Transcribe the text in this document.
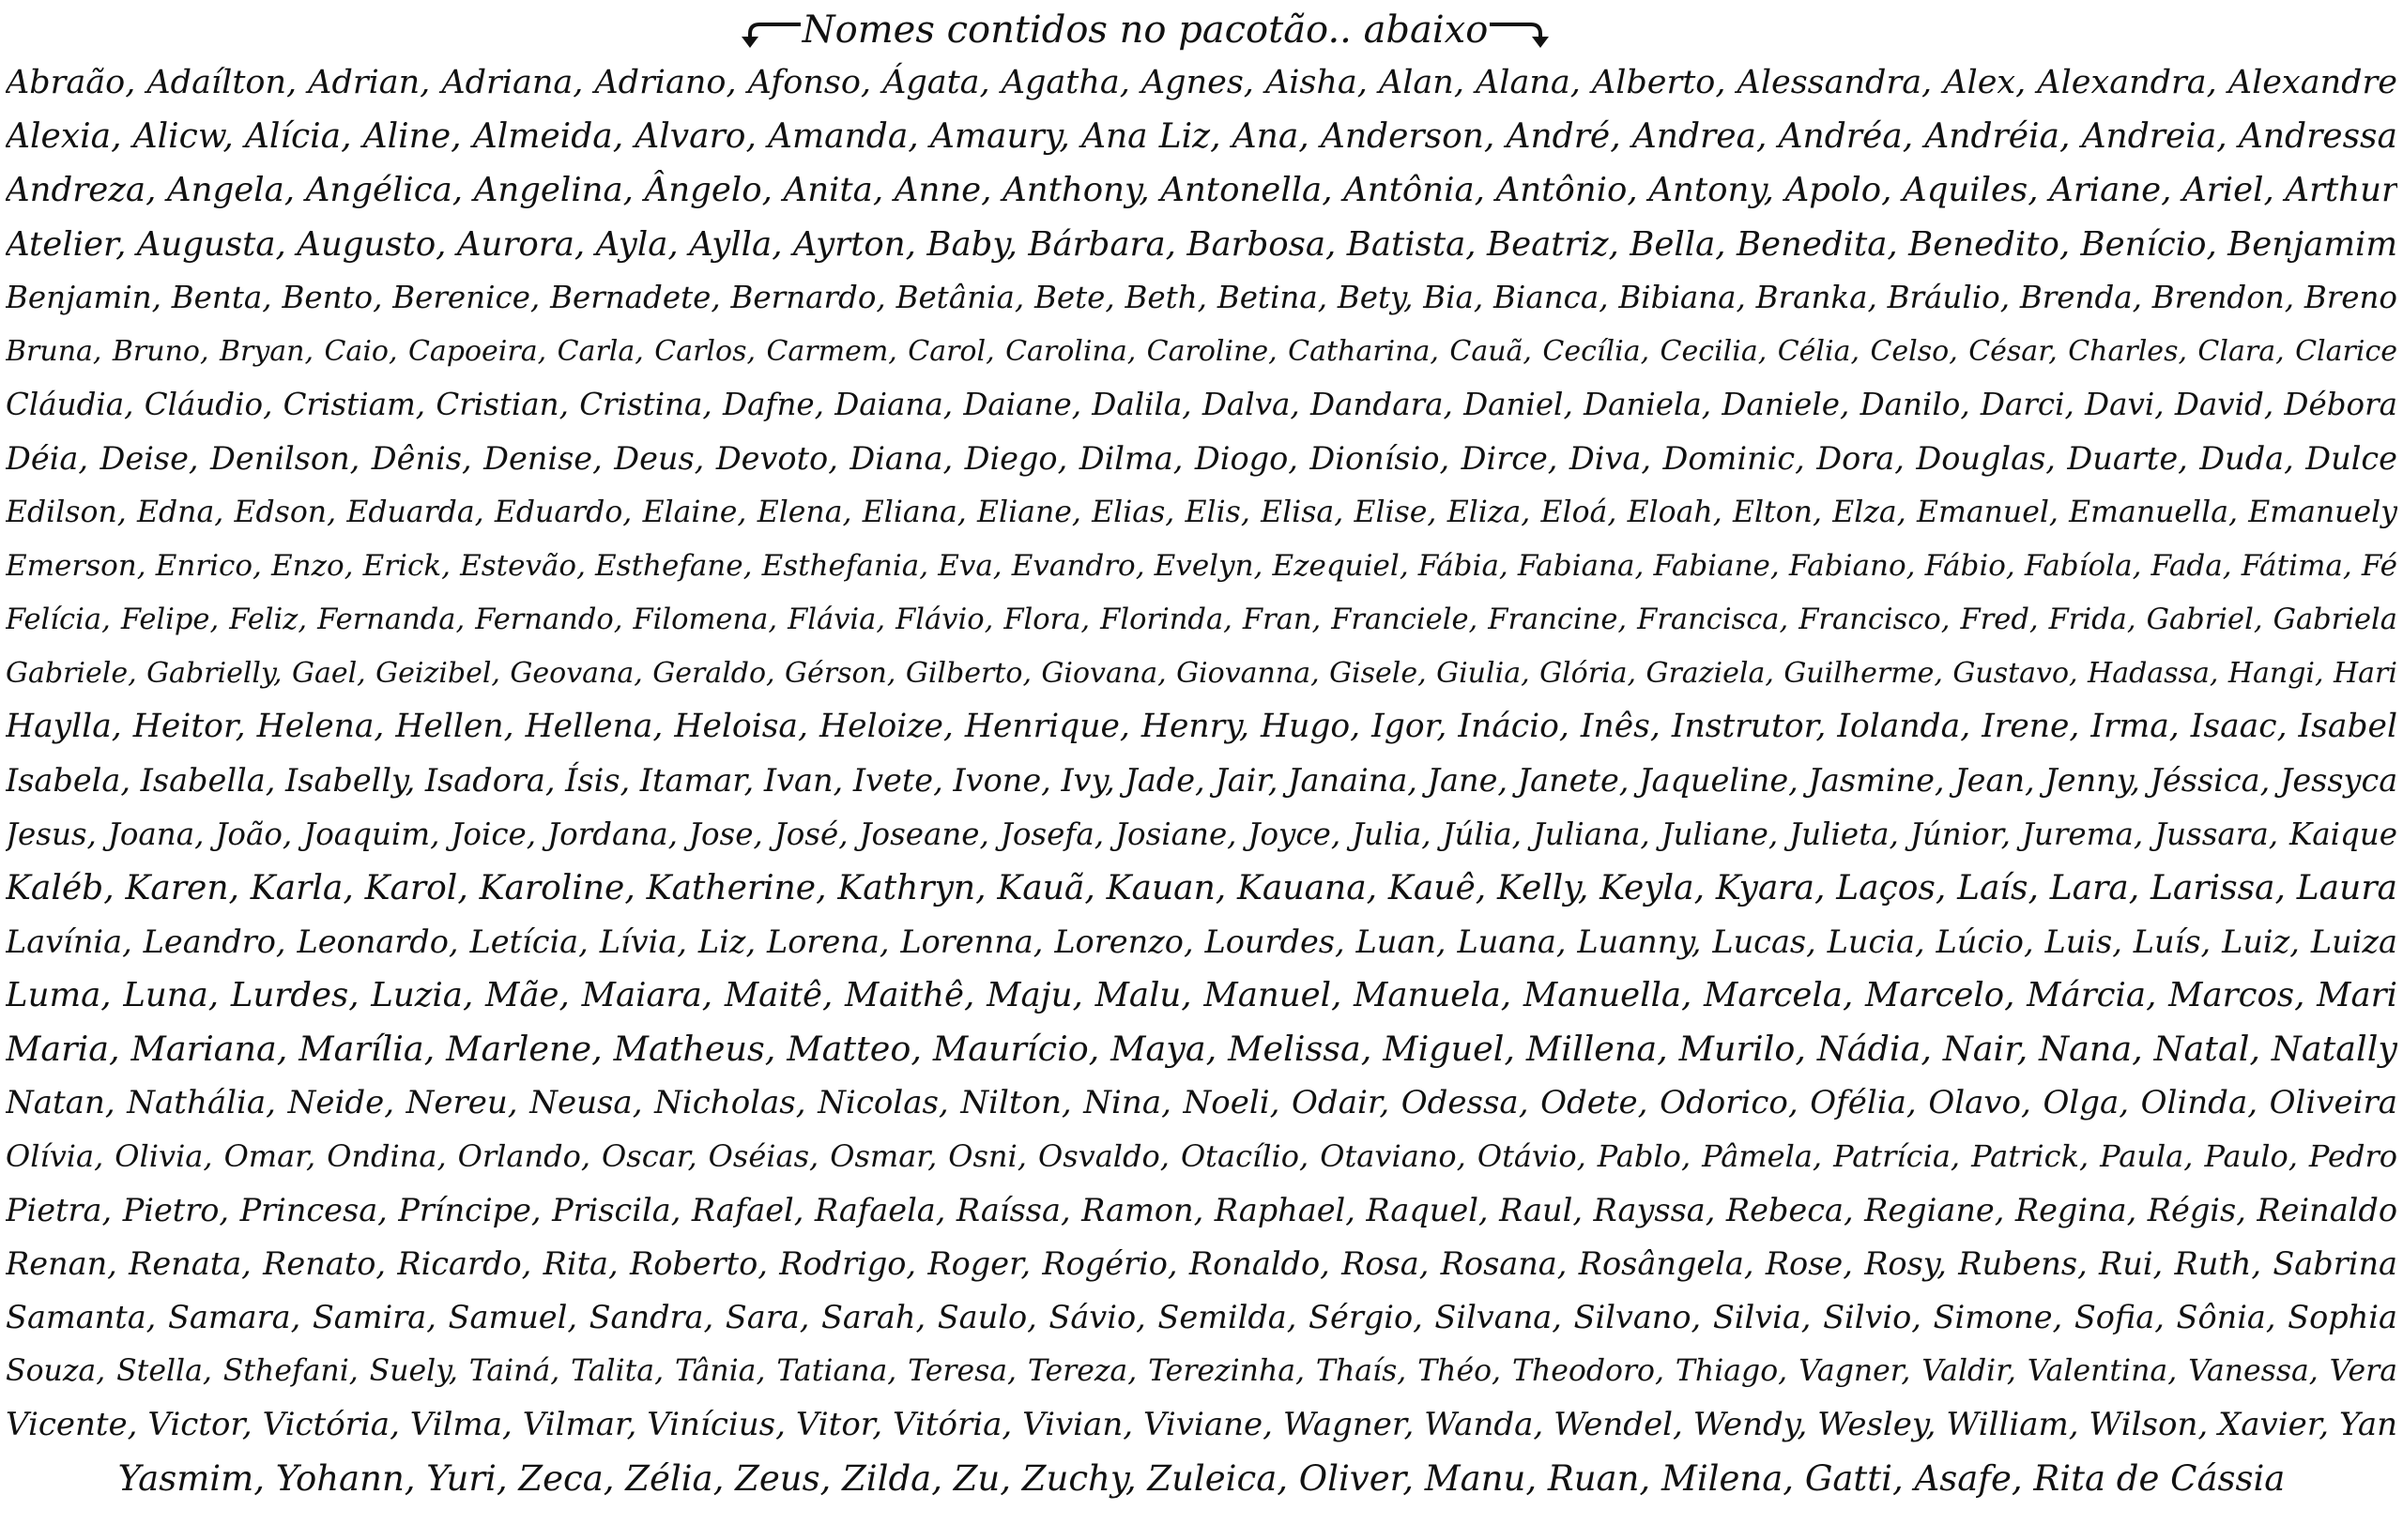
Nomes contidos no pacotão.. abaixo
Abraão, Adaílton, Adrian, Adriana, Adriano, Afonso, Ágata, Agatha, Agnes, Aisha, Alan, Alana, Alberto, Alessandra, Alex, Alexandra, Alexandre
Alexia, Alicw, Alícia, Aline, Almeida, Alvaro, Amanda, Amaury, Ana Liz, Ana, Anderson, André, Andrea, Andréa, Andréia, Andreia, Andressa
Andreza, Angela, Angélica, Angelina, Ângelo, Anita, Anne, Anthony, Antonella, Antônia, Antônio, Antony, Apolo, Aquiles, Ariane, Ariel, Arthur
Atelier, Augusta, Augusto, Aurora, Ayla, Aylla, Ayrton, Baby, Bárbara, Barbosa, Batista, Beatriz, Bella, Benedita, Benedito, Benício, Benjamim
Benjamin, Benta, Bento, Berenice, Bernadete, Bernardo, Betânia, Bete, Beth, Betina, Bety, Bia, Bianca, Bibiana, Branka, Bráulio, Brenda, Brendon, Breno
Bruna, Bruno, Bryan, Caio, Capoeira, Carla, Carlos, Carmem, Carol, Carolina, Caroline, Catharina, Cauã, Cecília, Cecilia, Célia, Celso, César, Charles, Clara, Clarice
Cláudia, Cláudio, Cristiam, Cristian, Cristina, Dafne, Daiana, Daiane, Dalila, Dalva, Dandara, Daniel, Daniela, Daniele, Danilo, Darci, Davi, David, Débora
Déia, Deise, Denilson, Dênis, Denise, Deus, Devoto, Diana, Diego, Dilma, Diogo, Dionísio, Dirce, Diva, Dominic, Dora, Douglas, Duarte, Duda, Dulce
Edilson, Edna, Edson, Eduarda, Eduardo, Elaine, Elena, Eliana, Eliane, Elias, Elis, Elisa, Elise, Eliza, Eloá, Eloah, Elton, Elza, Emanuel, Emanuella, Emanuely
Emerson, Enrico, Enzo, Erick, Estevão, Esthefane, Esthefania, Eva, Evandro, Evelyn, Ezequiel, Fábia, Fabiana, Fabiane, Fabiano, Fábio, Fabíola, Fada, Fátima, Fé
Felícia, Felipe, Feliz, Fernanda, Fernando, Filomena, Flávia, Flávio, Flora, Florinda, Fran, Franciele, Francine, Francisca, Francisco, Fred, Frida, Gabriel, Gabriela
Gabriele, Gabrielly, Gael, Geizibel, Geovana, Geraldo, Gérson, Gilberto, Giovana, Giovanna, Gisele, Giulia, Glória, Graziela, Guilherme, Gustavo, Hadassa, Hangi, Hari
Haylla, Heitor, Helena, Hellen, Hellena, Heloisa, Heloize, Henrique, Henry, Hugo, Igor, Inácio, Inês, Instrutor, Iolanda, Irene, Irma, Isaac, Isabel
Isabela, Isabella, Isabelly, Isadora, Ísis, Itamar, Ivan, Ivete, Ivone, Ivy, Jade, Jair, Janaina, Jane, Janete, Jaqueline, Jasmine, Jean, Jenny, Jéssica, Jessyca
Jesus, Joana, João, Joaquim, Joice, Jordana, Jose, José, Joseane, Josefa, Josiane, Joyce, Julia, Júlia, Juliana, Juliane, Julieta, Júnior, Jurema, Jussara, Kaique
Kaléb, Karen, Karla, Karol, Karoline, Katherine, Kathryn, Kauã, Kauan, Kauana, Kauê, Kelly, Keyla, Kyara, Laços, Laís, Lara, Larissa, Laura
Lavínia, Leandro, Leonardo, Letícia, Lívia, Liz, Lorena, Lorenna, Lorenzo, Lourdes, Luan, Luana, Luanny, Lucas, Lucia, Lúcio, Luis, Luís, Luiz, Luiza
Luma, Luna, Lurdes, Luzia, Mãe, Maiara, Maitê, Maithê, Maju, Malu, Manuel, Manuela, Manuella, Marcela, Marcelo, Márcia, Marcos, Mari
Maria, Mariana, Marília, Marlene, Matheus, Matteo, Maurício, Maya, Melissa, Miguel, Millena, Murilo, Nádia, Nair, Nana, Natal, Natally
Natan, Nathália, Neide, Nereu, Neusa, Nicholas, Nicolas, Nilton, Nina, Noeli, Odair, Odessa, Odete, Odorico, Ofélia, Olavo, Olga, Olinda, Oliveira
Olívia, Olivia, Omar, Ondina, Orlando, Oscar, Oséias, Osmar, Osni, Osvaldo, Otacílio, Otaviano, Otávio, Pablo, Pâmela, Patrícia, Patrick, Paula, Paulo, Pedro
Pietra, Pietro, Princesa, Príncipe, Priscila, Rafael, Rafaela, Raíssa, Ramon, Raphael, Raquel, Raul, Rayssa, Rebeca, Regiane, Regina, Régis, Reinaldo
Renan, Renata, Renato, Ricardo, Rita, Roberto, Rodrigo, Roger, Rogério, Ronaldo, Rosa, Rosana, Rosângela, Rose, Rosy, Rubens, Rui, Ruth, Sabrina
Samanta, Samara, Samira, Samuel, Sandra, Sara, Sarah, Saulo, Sávio, Semilda, Sérgio, Silvana, Silvano, Silvia, Silvio, Simone, Sofia, Sônia, Sophia
Souza, Stella, Sthefani, Suely, Tainá, Talita, Tânia, Tatiana, Teresa, Tereza, Terezinha, Thaís, Théo, Theodoro, Thiago, Vagner, Valdir, Valentina, Vanessa, Vera
Vicente, Victor, Victória, Vilma, Vilmar, Vinícius, Vitor, Vitória, Vivian, Viviane, Wagner, Wanda, Wendel, Wendy, Wesley, William, Wilson, Xavier, Yan
Yasmim, Yohann, Yuri, Zeca, Zélia, Zeus, Zilda, Zu, Zuchy, Zuleica, Oliver, Manu, Ruan, Milena, Gatti, Asafe, Rita de Cássia
